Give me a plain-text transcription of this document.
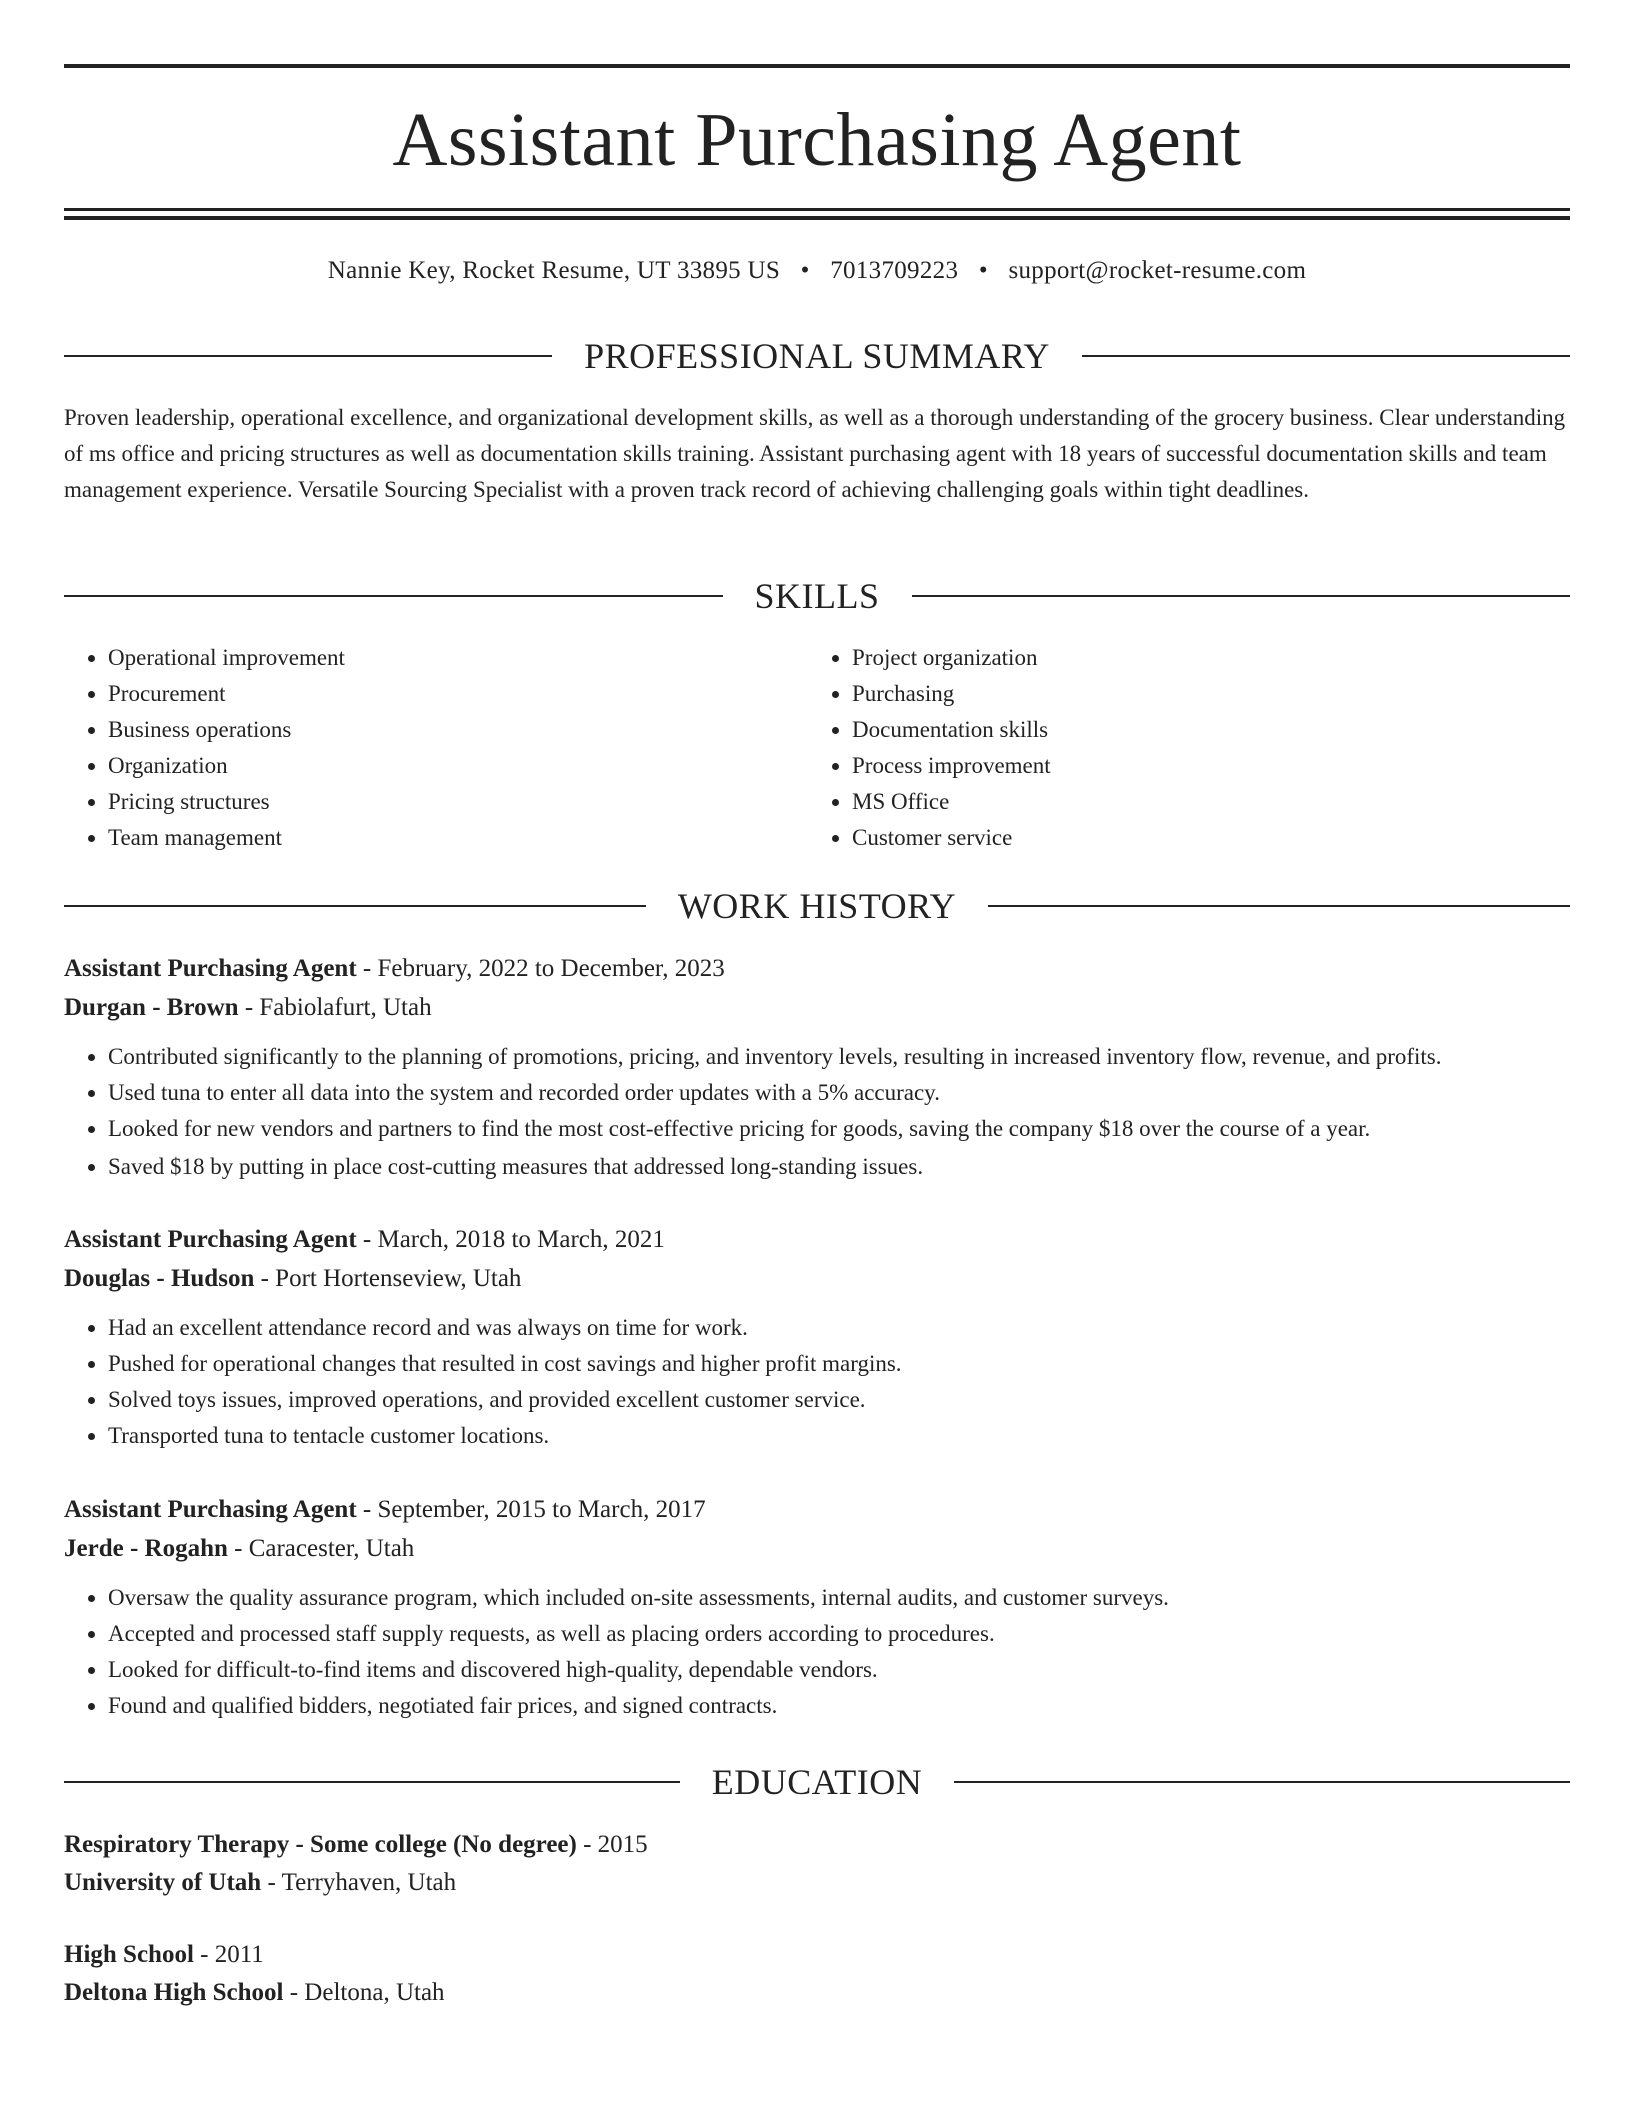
Assistant Purchasing Agent
Nannie Key, Rocket Resume, UT 33895 US • 7013709223 • support@rocket-resume.com
PROFESSIONAL SUMMARY

Proven leadership, operational excellence, and organizational development skills, as well as a thorough understanding of the grocery business. Clear understanding of ms office and pricing structures as well as documentation skills training. Assistant purchasing agent with 18 years of successful documentation skills and team management experience. Versatile Sourcing Specialist with a proven track record of achieving challenging goals within tight deadlines.

SKILLS
• Operational improvement
• Procurement
• Business operations
• Organization
• Pricing structures
• Team management
• Project organization
• Purchasing
• Documentation skills
• Process improvement
• MS Office
• Customer service
WORK HISTORY

Assistant Purchasing Agent - February, 2022 to December, 2023

Durgan - Brown - Fabiolafurt, Utah

• Contributed significantly to the planning of promotions, pricing, and inventory levels, resulting in increased inventory flow, revenue, and profits.
• Used tuna to enter all data into the system and recorded order updates with a 5% accuracy.
• Looked for new vendors and partners to find the most cost-effective pricing for goods, saving the company $18 over the course of a year.
• Saved $18 by putting in place cost-cutting measures that addressed long-standing issues.

Assistant Purchasing Agent - March, 2018 to March, 2021

Douglas - Hudson - Port Hortenseview, Utah

• Had an excellent attendance record and was always on time for work.
• Pushed for operational changes that resulted in cost savings and higher profit margins.
• Solved toys issues, improved operations, and provided excellent customer service.
• Transported tuna to tentacle customer locations.

Assistant Purchasing Agent - September, 2015 to March, 2017

Jerde - Rogahn - Caracester, Utah

• Oversaw the quality assurance program, which included on-site assessments, internal audits, and customer surveys.
• Accepted and processed staff supply requests, as well as placing orders according to procedures.
• Looked for difficult-to-find items and discovered high-quality, dependable vendors.
• Found and qualified bidders, negotiated fair prices, and signed contracts.
EDUCATION

Respiratory Therapy - Some college (No degree) - 2015

University of Utah - Terryhaven, Utah

High School - 2011

Deltona High School - Deltona, Utah
